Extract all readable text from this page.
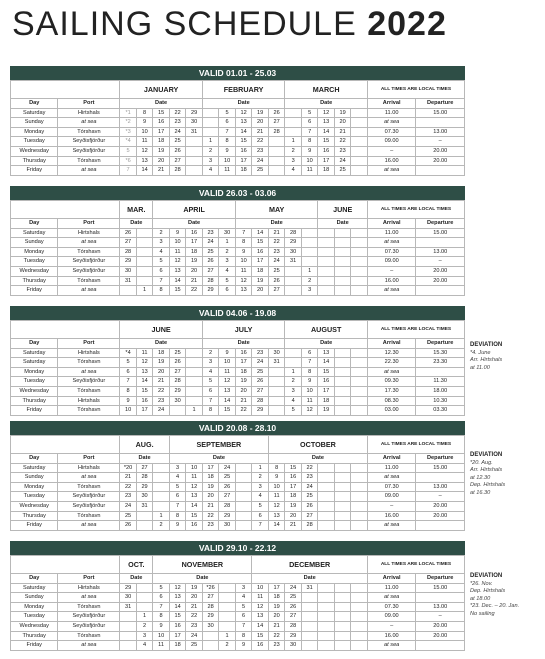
SAILING SCHEDULE 2022
VALID 01.01 - 25.03
		JANUARY					FEBRUARY					MARCH					ALL TIMES ARE LOCAL TIMES	
Day	Port	Date					Date					Date					Arrival	Departure
Saturday	Hirtshals	*1	8	15	22	29		5	12	19	26		5	12	19		11.00	15.00
Sunday	at sea	*2	9	16	23	30		6	13	20	27		6	13	20		at sea	
Monday	Tórshavn	*3	10	17	24	31		7	14	21	28		7	14	21		07.30	13.00
Tuesday	Seyðisfjörður	*4	11	18	25		1	8	15	22		1	8	15	22		09.00	–
Wednesday	Seyðisfjörður	5	12	19	26		2	9	16	23		2	9	16	23		–	20.00
Thursday	Tórshavn	*6	13	20	27		3	10	17	24		3	10	17	24		16.00	20.00
Friday	at sea	7	14	21	28		4	11	18	25		4	11	18	25		at sea	
VALID 26.03 - 03.06
		MAR.		APRIL					MAY					JUNE			ALL TIMES ARE LOCAL TIMES	
Day	Port	Date		Date					Date					Date			Arrival	Departure
Saturday	Hirtshals	26		2	9	16	23	30	7	14	21	28					11.00	15.00
Sunday	at sea	27		3	10	17	24	1	8	15	22	29					at sea	
Monday	Tórshavn	28		4	11	18	25	2	9	16	23	30					07.30	13.00
Tuesday	Seyðisfjörður	29		5	12	19	26	3	10	17	24	31					09.00	–
Wednesday	Seyðisfjörður	30		6	13	20	27	4	11	18	25		1				–	20.00
Thursday	Tórshavn	31		7	14	21	28	5	12	19	26		2				16.00	20.00
Friday	at sea		1	8	15	22	29	6	13	20	27		3				at sea	
VALID 04.06 - 19.08
		JUNE					JULY					AUGUST					ALL TIMES ARE LOCAL TIMES	
Day	Port	Date					Date					Date					Arrival	Departure
Saturday	Hirtshals	*4	11	18	25		2	9	16	23	30		6	13			12.30	15.30
Saturday	Tórshavn	5	12	19	26		3	10	17	24	31		7	14			22.30	23.30
Monday	at sea	6	13	20	27		4	11	18	25		1	8	15			at sea	
Tuesday	Seyðisfjörður	7	14	21	28		5	12	19	26		2	9	16			09.30	11.30
Wednesday	Tórshavn	8	15	22	29		6	13	20	27		3	10	17			17.30	18.00
Thursday	Hirtshals	9	16	23	30		7	14	21	28		4	11	18			08.30	10.30
Friday	Tórshavn	10	17	24		1	8	15	22	29		5	12	19			03.00	03.30
DEVIATION
*4. June
Arr. Hirtshals
at 11.00
VALID 20.08 - 28.10
		AUG.			SEPTEMBER						OCTOBER						ALL TIMES ARE LOCAL TIMES	
Day	Port	Date			Date						Date						Arrival	Departure
Saturday	Hirtshals	*20	27		3	10	17	24		1	8	15	22				11.00	15.00
Sunday	at sea	21	28		4	11	18	25		2	9	16	23				at sea	
Monday	Tórshavn	22	29		5	12	19	26		3	10	17	24				07.30	13.00
Tuesday	Seyðisfjörður	23	30		6	13	20	27		4	11	18	25				09.00	–
Wednesday	Seyðisfjörður	24	31		7	14	21	28		5	12	19	26				–	20.00
Thursday	Tórshavn	25		1	8	15	22	29		6	13	20	27				16.00	20.00
Friday	at sea	26		2	9	16	23	30		7	14	21	28				at sea	
DEVIATION
*20. Aug.
Arr. Hirtshals
at 12.30
Dep. Hirtshals
at 16.30
VALID 29.10 - 22.12
		OCT.		NOVEMBER						DECEMBER							ALL TIMES ARE LOCAL TIMES	
Day	Port	Date		Date						Date							Arrival	Departure
Saturday	Hirtshals	29		5	12	19	*26		3	10	17	24	31				11.00	15.00
Sunday	at sea	30		6	13	20	27		4	11	18	25					at sea	
Monday	Tórshavn	31		7	14	21	28		5	12	19	26					07.30	13.00
Tuesday	Seyðisfjörður		1	8	15	22	29		6	13	20	27					09.00	–
Wednesday	Seyðisfjörður		2	9	16	23	30		7	14	21	28					–	20.00
Thursday	Tórshavn		3	10	17	24		1	8	15	22	29					16.00	20.00
Friday	at sea		4	11	18	25		2	9	16	23	30					at sea	
DEVIATION
*26. Nov.
Dep. Hirtshals
at 18.00
*23. Dec. – 20. Jan.
No sailing
